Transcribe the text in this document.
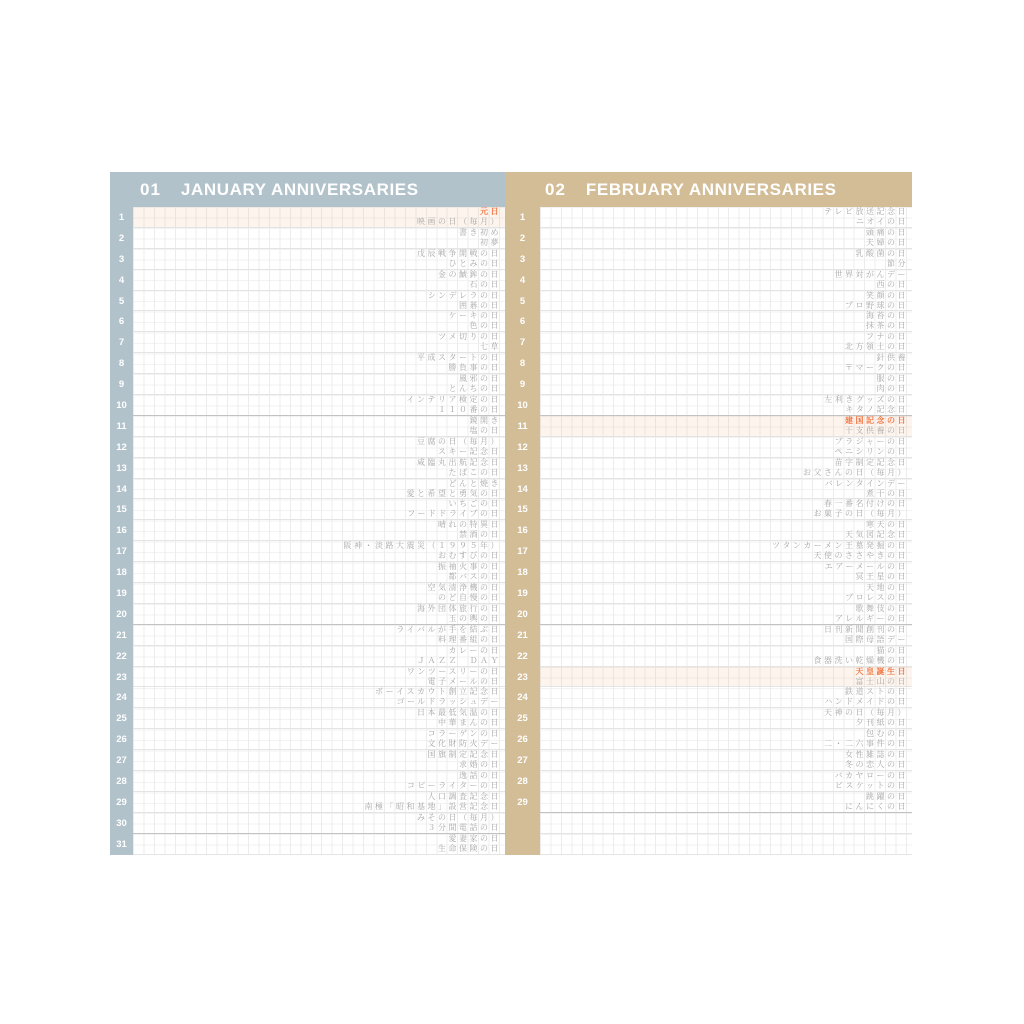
01 JANUARY ANNIVERSARIES
1
2
3
4
5
6
7
8
9
10
11
12
13
14
15
16
17
18
19
20
21
22
23
24
25
26
27
28
29
30
31
元日
映画の日（毎月）
書き初め
初夢
戊辰戦争開戦の日
ひとみの日
金の鯱鉾の日
石の日
シンデレラの日
囲碁の日
ケーキの日
色の日
ツメ切りの日
七草
平成スタートの日
勝負事の日
風邪の日
とんちの日
インテリア検定の日
１１０番の日
鏡開き
塩の日
豆腐の日（毎月）
スキー記念日
咸臨丸出航記念日
たばこの日
どんと焼き
愛と希望と勇気の日
いちごの日
フードドライブの日
晴れの特異日
禁酒の日
阪神・淡路大震災（１９９５年）
おむすびの日
振袖火事の日
都バスの日
空気清浄機の日
のど自慢の日
海外団体旅行の日
玉の輿の日
ライバルが手を結ぶ日
料理番組の日
カレーの日
ＪＡＺＺ　ＤＡＹ
ワンツースリーの日
電子メールの日
ボーイスカウト創立記念日
ゴールドラッシュデー
日本最低気温の日
中華まんの日
コラーゲンの日
文化財防火デー
国旗制定記念日
求婚の日
逸話の日
コピーライターの日
人口調査記念日
南極「昭和基地」設営記念日
みその日（毎月）
３分間電話の日
愛妻家の日
生命保険の日
02 FEBRUARY ANNIVERSARIES
1
2
3
4
5
6
7
8
9
10
11
12
13
14
15
16
17
18
19
20
21
22
23
24
25
26
27
28
29
テレビ放送記念日
ニオイの日
頭痛の日
夫婦の日
乳酸菌の日
節分
世界対がんデー
西の日
笑顔の日
プロ野球の日
海苔の日
抹茶の日
フナの日
北方領土の日
針供養
〒マークの日
服の日
肉の日
左利きグッズの日
キタノ記念日
建国記念の日
干支供養の日
ブラジャーの日
ペニシリンの日
苗字制定記念日
お父さんの日（毎月）
バレンタインデー
煮干の日
春一番名付けの日
お菓子の日（毎月）
寒天の日
天気図記念日
ツタンカーメン王墓発掘の日
天使のささやきの日
エアーメールの日
冥王星の日
天地の日
プロレスの日
歌舞伎の日
アレルギーの日
日刊新聞創刊の日
国際母語デー
猫の日
食器洗い乾燥機の日
天皇誕生日
富士山の日
鉄道ストの日
ハンドメイドの日
天神の日（毎月）
夕刊紙の日
包むの日
二・二六事件の日
女性雑誌の日
冬の恋人の日
バカヤローの日
ビスケットの日
跳躍の日
にんにくの日
